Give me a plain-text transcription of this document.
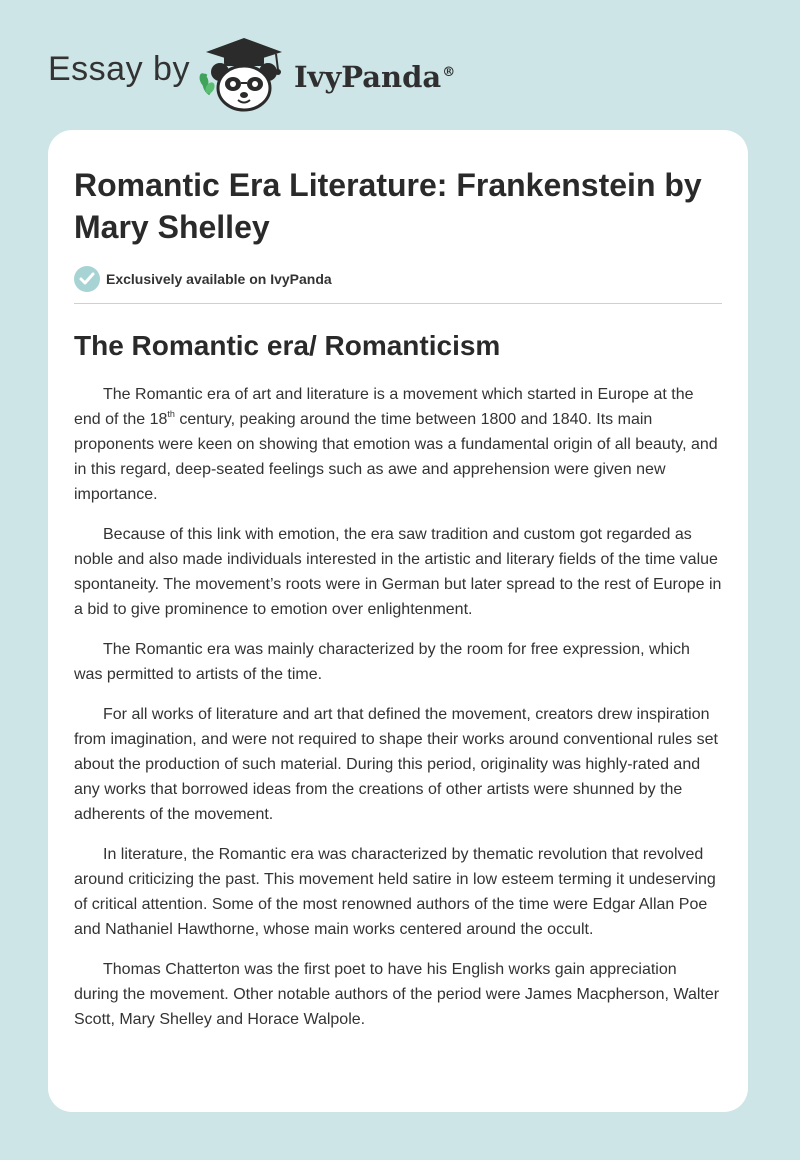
Essay by	IvyPanda®
Romantic Era Literature: Frankenstein by Mary Shelley
Exclusively available on IvyPanda
The Romantic era/ Romanticism

The Romantic era of art and literature is a movement which started in Europe at the end of the 18th century, peaking around the time between 1800 and 1840. Its main proponents were keen on showing that emotion was a fundamental origin of all beauty, and in this regard, deep-seated feelings such as awe and apprehension were given new importance.

Because of this link with emotion, the era saw tradition and custom got regarded as noble and also made individuals interested in the artistic and literary fields of the time value spontaneity. The movement’s roots were in German but later spread to the rest of Europe in a bid to give prominence to emotion over enlightenment.

The Romantic era was mainly characterized by the room for free expression, which was permitted to artists of the time.

For all works of literature and art that defined the movement, creators drew inspiration from imagination, and were not required to shape their works around conventional rules set about the production of such material. During this period, originality was highly-rated and any works that borrowed ideas from the creations of other artists were shunned by the adherents of the movement.

In literature, the Romantic era was characterized by thematic revolution that revolved around criticizing the past. This movement held satire in low esteem terming it undeserving of critical attention. Some of the most renowned authors of the time were Edgar Allan Poe and Nathaniel Hawthorne, whose main works centered around the occult.

Thomas Chatterton was the first poet to have his English works gain appreciation during the movement. Other notable authors of the period were James Macpherson, Walter Scott, Mary Shelley and Horace Walpole.
